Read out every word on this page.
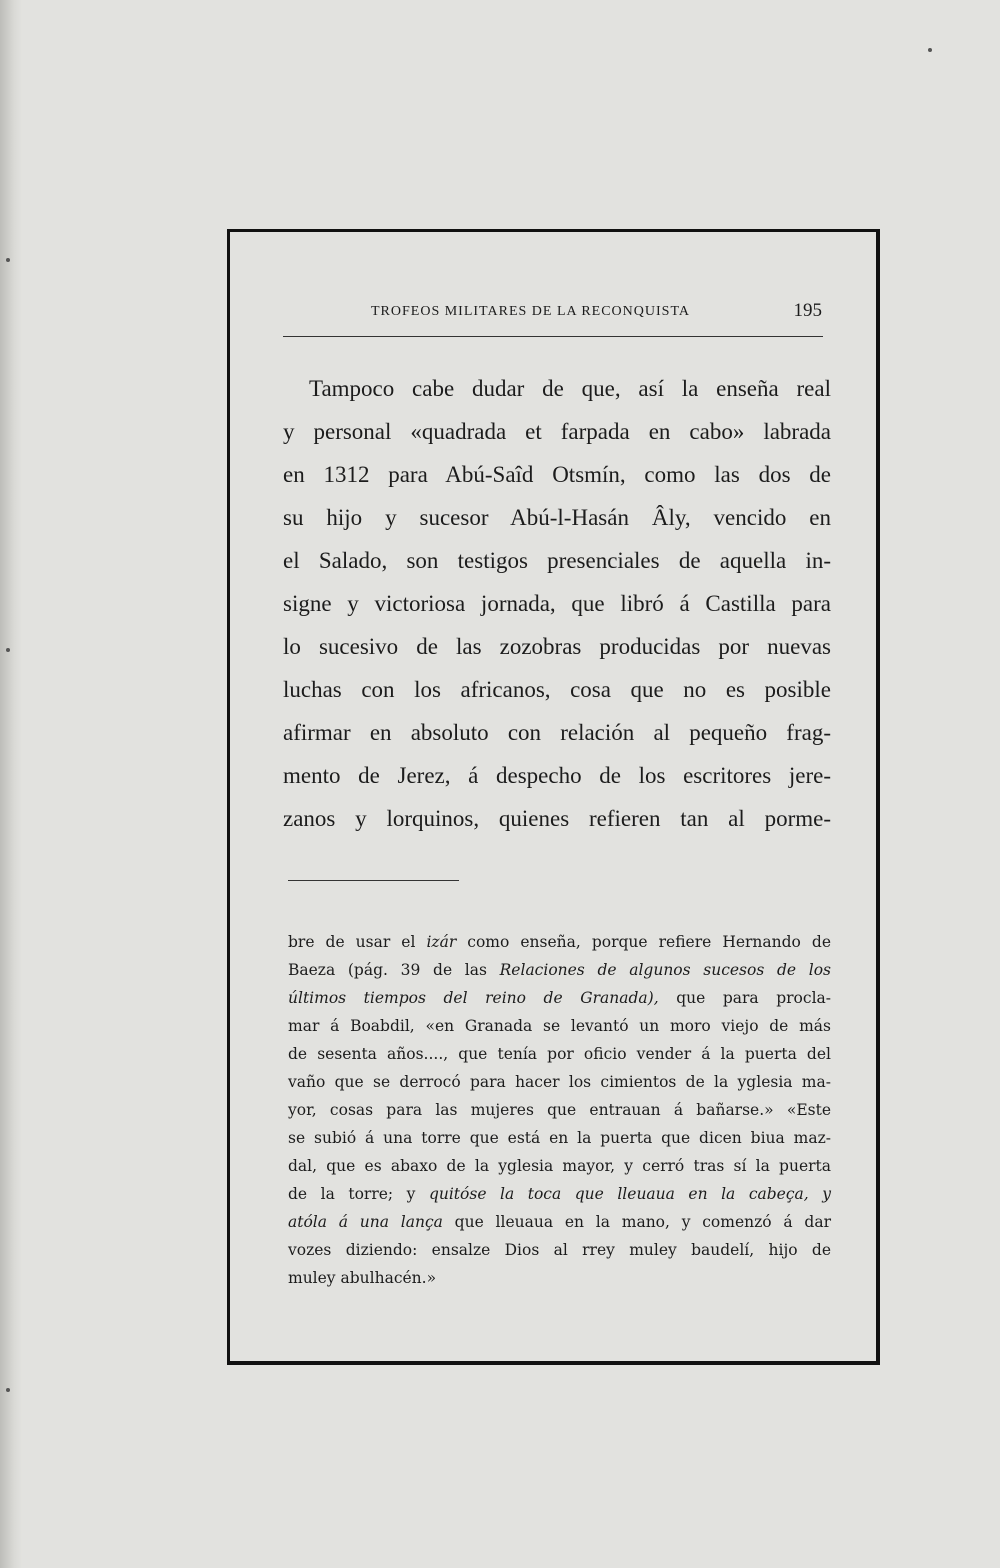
TROFEOS MILITARES DE LA RECONQUISTA	195
Tampoco cabe dudar de que, así la enseña real
y personal «quadrada et farpada en cabo» labrada
en 1312 para Abú-Saîd Otsmín, como las dos de
su hijo y sucesor Abú-l-Hasán Âly, vencido en
el Salado, son testigos presenciales de aquella in-
signe y victoriosa jornada, que libró á Castilla para
lo sucesivo de las zozobras producidas por nuevas
luchas con los africanos, cosa que no es posible
afirmar en absoluto con relación al pequeño frag-
mento de Jerez, á despecho de los escritores jere-
zanos y lorquinos, quienes refieren tan al porme-
bre de usar el izár como enseña, porque refiere Hernando de
Baeza (pág. 39 de las Relaciones de algunos sucesos de los
últimos tiempos del reino de Granada), que para procla-
mar á Boabdil, «en Granada se levantó un moro viejo de más
de sesenta años...., que tenía por oficio vender á la puerta del
vaño que se derrocó para hacer los cimientos de la yglesia ma-
yor, cosas para las mujeres que entrauan á bañarse.» «Este
se subió á una torre que está en la puerta que dicen biua maz-
dal, que es abaxo de la yglesia mayor, y cerró tras sí la puerta
de la torre; y quitóse la toca que lleuaua en la cabeça, y
atóla á una lança que lleuaua en la mano, y comenzó á dar
vozes diziendo: ensalze Dios al rrey muley baudelí, hijo de
muley abulhacén.»
